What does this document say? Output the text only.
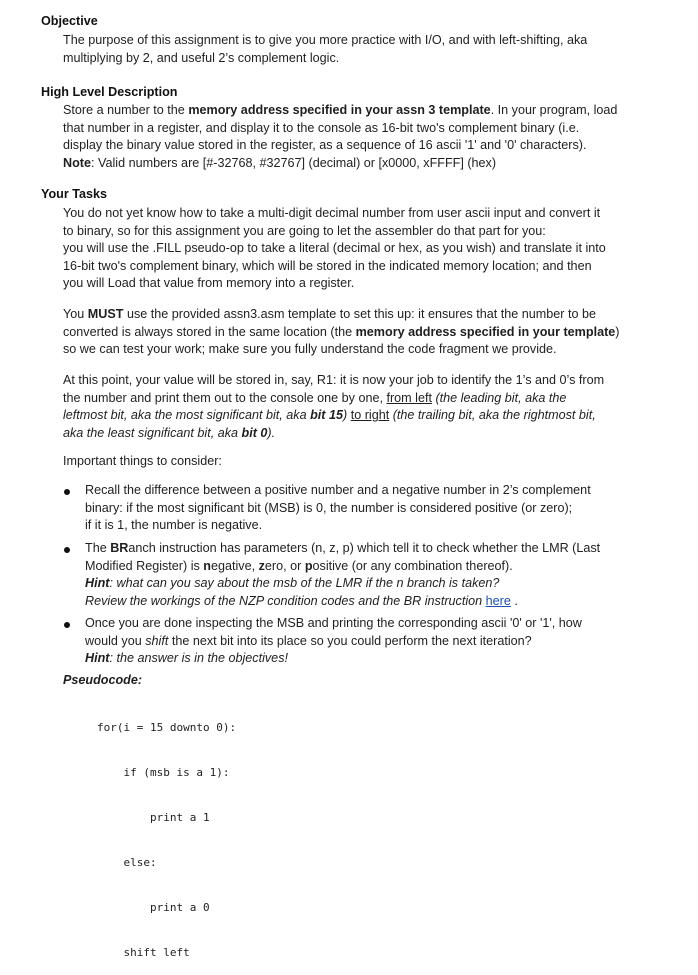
Objective
The purpose of this assignment is to give you more practice with I/O, and with left-shifting, aka
multiplying by 2, and useful 2’s complement logic.
High Level Description
Store a number to the memory address specified in your assn 3 template. In your program, load
that number in a register, and display it to the console as 16-bit two's complement binary (i.e.
display the binary value stored in the register, as a sequence of 16 ascii '1' and '0' characters).
Note: Valid numbers are [#-32768, #32767] (decimal) or [x0000, xFFFF] (hex)
Your Tasks
You do not yet know how to take a multi-digit decimal number from user ascii input and convert it
to binary, so for this assignment you are going to let the assembler do that part for you:
you will use the .FILL pseudo-op to take a literal (decimal or hex, as you wish) and translate it into
16-bit two's complement binary, which will be stored in the indicated memory location; and then
you will Load that value from memory into a register.
You MUST use the provided assn3.asm template to set this up: it ensures that the number to be
converted is always stored in the same location (the memory address specified in your template)
so we can test your work; make sure you fully understand the code fragment we provide.
At this point, your value will be stored in, say, R1: it is now your job to identify the 1’s and 0’s from
the number and print them out to the console one by one, from left (the leading bit, aka the
leftmost bit, aka the most significant bit, aka bit 15) to right (the trailing bit, aka the rightmost bit,
aka the least significant bit, aka bit 0).
Important things to consider:
Recall the difference between a positive number and a negative number in 2’s complement
binary: if the most significant bit (MSB) is 0, the number is considered positive (or zero);
if it is 1, the number is negative.
The BRanch instruction has parameters (n, z, p) which tell it to check whether the LMR (Last
Modified Register) is negative, zero, or positive (or any combination thereof).
Hint: what can you say about the msb of the LMR if the n branch is taken?
Review the workings of the NZP condition codes and the BR instruction here .
Once you are done inspecting the MSB and printing the corresponding ascii '0' or '1', how
would you shift the next bit into its place so you could perform the next iteration?
Hint: the answer is in the objectives!
Pseudocode:

for(i = 15 downto 0):

if (msb is a 1):

print a 1

else:

print a 0

shift left
